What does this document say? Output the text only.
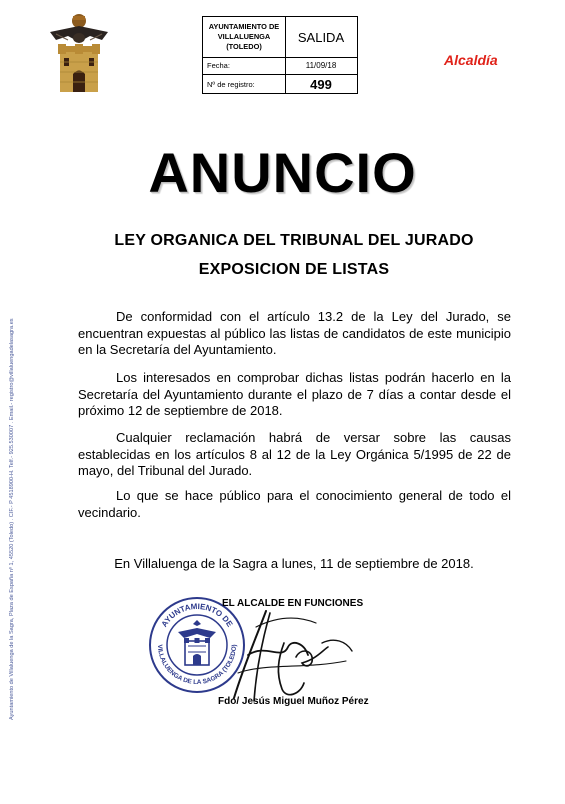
AYUNTAMIENTO DE VILLALUENGA (TOLEDO)
SALIDA
Fecha:	11/09/18
Nº de registro:	499
Alcaldía
Ayuntamiento de Villaluenga de la Sagra, Plaza de España nº 1, 45520 (Toledo) . CIF.- P 4518900-H. Telf.- 925.530007 . Email.- registro@villaluengadelasagra.es
ANUNCIO
LEY ORGANICA DEL TRIBUNAL DEL JURADO
EXPOSICION DE LISTAS
De conformidad con el artículo 13.2 de la Ley del Jurado, se encuentran expuestas al público las listas de candidatos de este municipio en la Secretaría del Ayuntamiento.
Los interesados en comprobar dichas listas podrán hacerlo en la Secretaría del Ayuntamiento durante el plazo de 7 días a contar desde el próximo 12 de septiembre de 2018.
Cualquier reclamación habrá de versar sobre las causas establecidas en los artículos 8 al 12 de la Ley Orgánica 5/1995 de 22 de mayo, del Tribunal del Jurado.
Lo que se hace público para el conocimiento general de todo el vecindario.
En Villaluenga de la Sagra a lunes, 11 de septiembre de 2018.
AYUNTAMIENTO DE
VILLALUENGA DE LA SAGRA (TOLEDO)
EL ALCALDE EN FUNCIONES
Fdo/ Jesús Miguel Muñoz Pérez
